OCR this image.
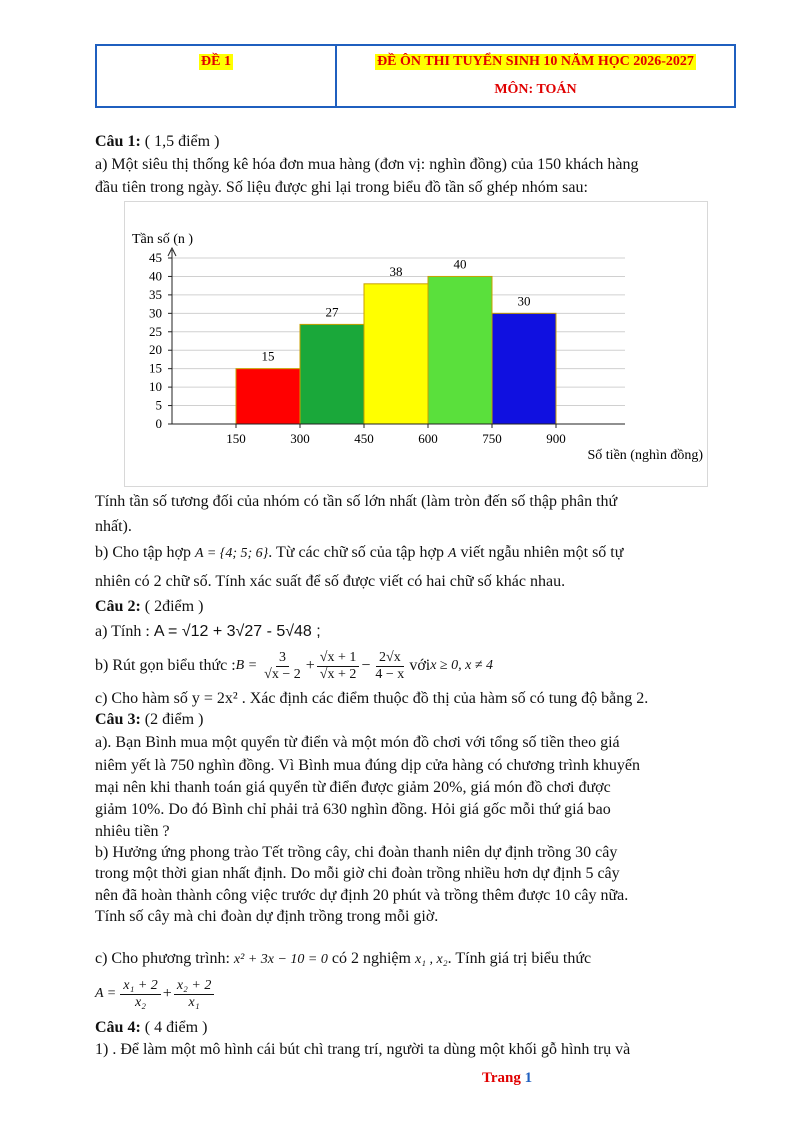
ĐỀ 1	ĐỀ ÔN THI TUYỂN SINH 10 NĂM HỌC 2026-2027
MÔN: TOÁN
Câu 1: ( 1,5 điểm )
a) Một siêu thị thống kê hóa đơn mua hàng (đơn vị: nghìn đồng) của 150 khách hàng
đầu tiên trong ngày. Số liệu được ghi lại trong biểu đồ tần số ghép nhóm sau:
15
27
38	40
30
0
5
10
15
20
25
30
35
40
45
150	300	450	600	750	900
Tần số (n )
Số tiền (nghìn đồng)
Tính tần số tương đối của nhóm có tần số lớn nhất (làm tròn đến số thập phân thứ
nhất).
b) Cho tập hợp A = {4; 5; 6}. Từ các chữ số của tập hợp A viết ngẫu nhiên một số tự
nhiên có 2 chữ số. Tính xác suất để số được viết có hai chữ số khác nhau.
Câu 2: ( 2điểm )
a) Tính : A = √12 + 3√27 - 5√48 ;
b) Rút gọn biểu thức : $B = \frac{3}{√x - 2} + \frac{√x + 1}{√x + 2} - \frac{2√x}{4 - x}$ với x ≥ 0, x ≠ 4
c) Cho hàm số y = 2x² . Xác định các điểm thuộc đồ thị của hàm số có tung độ bằng 2.
Câu 3: (2 điểm )
a). Bạn Bình mua một quyển từ điển và một món đồ chơi với tổng số tiền theo giá
niêm yết là 750 nghìn đồng. Vì Bình mua đúng dịp cửa hàng có chương trình khuyến
mại nên khi thanh toán giá quyển từ điển được giảm 20%, giá món đồ chơi được
giảm 10%. Do đó Bình chỉ phải trả 630 nghìn đồng. Hỏi giá gốc mỗi thứ giá bao
nhiêu tiền ?
b) Hưởng ứng phong trào Tết trồng cây, chi đoàn thanh niên dự định trồng 30 cây
trong một thời gian nhất định. Do mỗi giờ chi đoàn trồng nhiều hơn dự định 5 cây
nên đã hoàn thành công việc trước dự định 20 phút và trồng thêm được 10 cây nữa.
Tính số cây mà chi đoàn dự định trồng trong mỗi giờ.
c) Cho phương trình: x² + 3x − 10 = 0 có 2 nghiệm x₁ , x₂. Tính giá trị biểu thức
$A = \frac{\text{x₁ + 2}}{\text{x₂}} + \frac{\text{x₂ + 2}}{\text{x₁}}$
Câu 4: ( 4 điểm )
1) . Để làm một mô hình cái bút chì trang trí, người ta dùng một khối gỗ hình trụ và
Trang 1
